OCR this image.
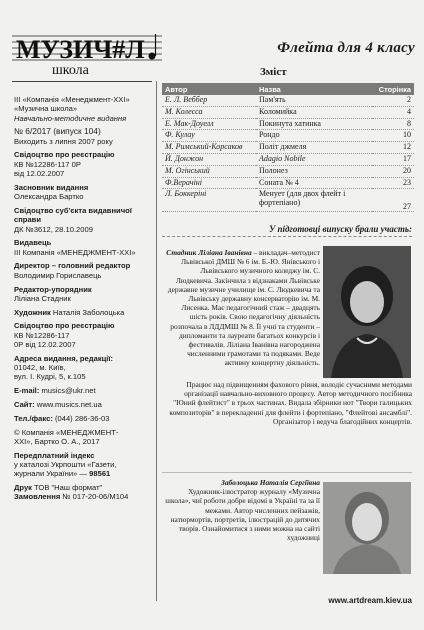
МУЗИЧ#Л
школа
ІІІ «Компанія «Менеджмент-ХХІ»
«Музична школа»
Навчально-методичне видання
№ 6/2017 (випуск 104)
Виходить з липня 2007 року
Свідоцтво про реєстрацію
КВ №12286-117 0Р
від 12.02.2007
Засновник видання
Олександра Бартко
Свідоцтво суб'єкта видавничої справи
ДК №3612, 28.10.2009
Видавець
ІІІ Компанія «МЕНЕДЖМЕНТ-ХХІ»
Директор – головний редактор
Володимир Гориславець
Редактор-упорядник
Ліліана Стадник
Художник Наталія Заболоцька
Свідоцтво про реєстрацію
КВ №12286-117
0Р від 12.02.2007
Адреса видання, редакції:
01042, м. Київ,
вул. І. Кудрі, 5, к.105
E-mail: musics@ukr.net
Сайт: www.musics.net.ua
Тел./факс: (044) 286-36-03
© Компанія «МЕНЕДЖМЕНТ-
ХХІ», Бартко О. А., 2017
Передплатний індекс
у каталозі Укрпошти «Газети,
журнали України» — 98561
Друк ТОВ "Наш формат"
Замовлення № 017-20-06/М104
Флейта для 4 класу
Зміст
Автор	Назва	Сторінка
Е. Л. Веббер	Пам'ять	2
М. Колесса	Коломийка	4
Е. Мак-Доуелл	Покинута хатинка	8
Ф. Кулау	Рондо	10
М. Римський-Корсаков	Політ джмеля	12
Й. Донжон	Adagio Nobile	17
М. Огінський	Полонез	20
Ф.Верачіні	Соната № 4	23
Л. Боккеріні	Менует (для двох флейт і фортепіано)	27
У підготовці випуску брали участь:

Стадник Ліліана Іванівна – викладач–методист Львівської ДМШ № 6 ім. Б.-Ю. Янівського і Львівського музичного коледжу ім. С. Людкевича. Закінчила з відзнаками Львівське державне музичне училище ім. С. Людкевича та Львівську державну консерваторію ім. М. Лисенка. Має педагогічний стаж – двадцять шість років. Свою педагогічну діяльність розпочала в ЛДДМШ № 8. Її учні та студенти – дипломанти та лауреати багатьох конкурсів і фестивалів. Ліліана Іванівна нагороджена численними грамотами та подяками. Веде активну концертну діяльність.

Працює над підвищенням фахового рівня, володіє сучасними методами організації навчально-виховного процесу. Автор методичного посібника "Юний флейтист" в трьох частинах. Видала збірники нот "Твори галицьких композиторів" в перекладенні для флейти і фортепіано, "Флейтові ансамблі". Організатор і ведуча благодійних концертів.

Заболоцька Наталія Сергіївна

Художник-ілюстратор журналу «Музична школа», чиї роботи добре відомі в Україні та за її межами. Автор численних пейзажів, натюрмортів, портретів, ілюстрацій до дитячих творів. Ознайомитися з ними можна на сайті художниці

www.artdream.kiev.ua
